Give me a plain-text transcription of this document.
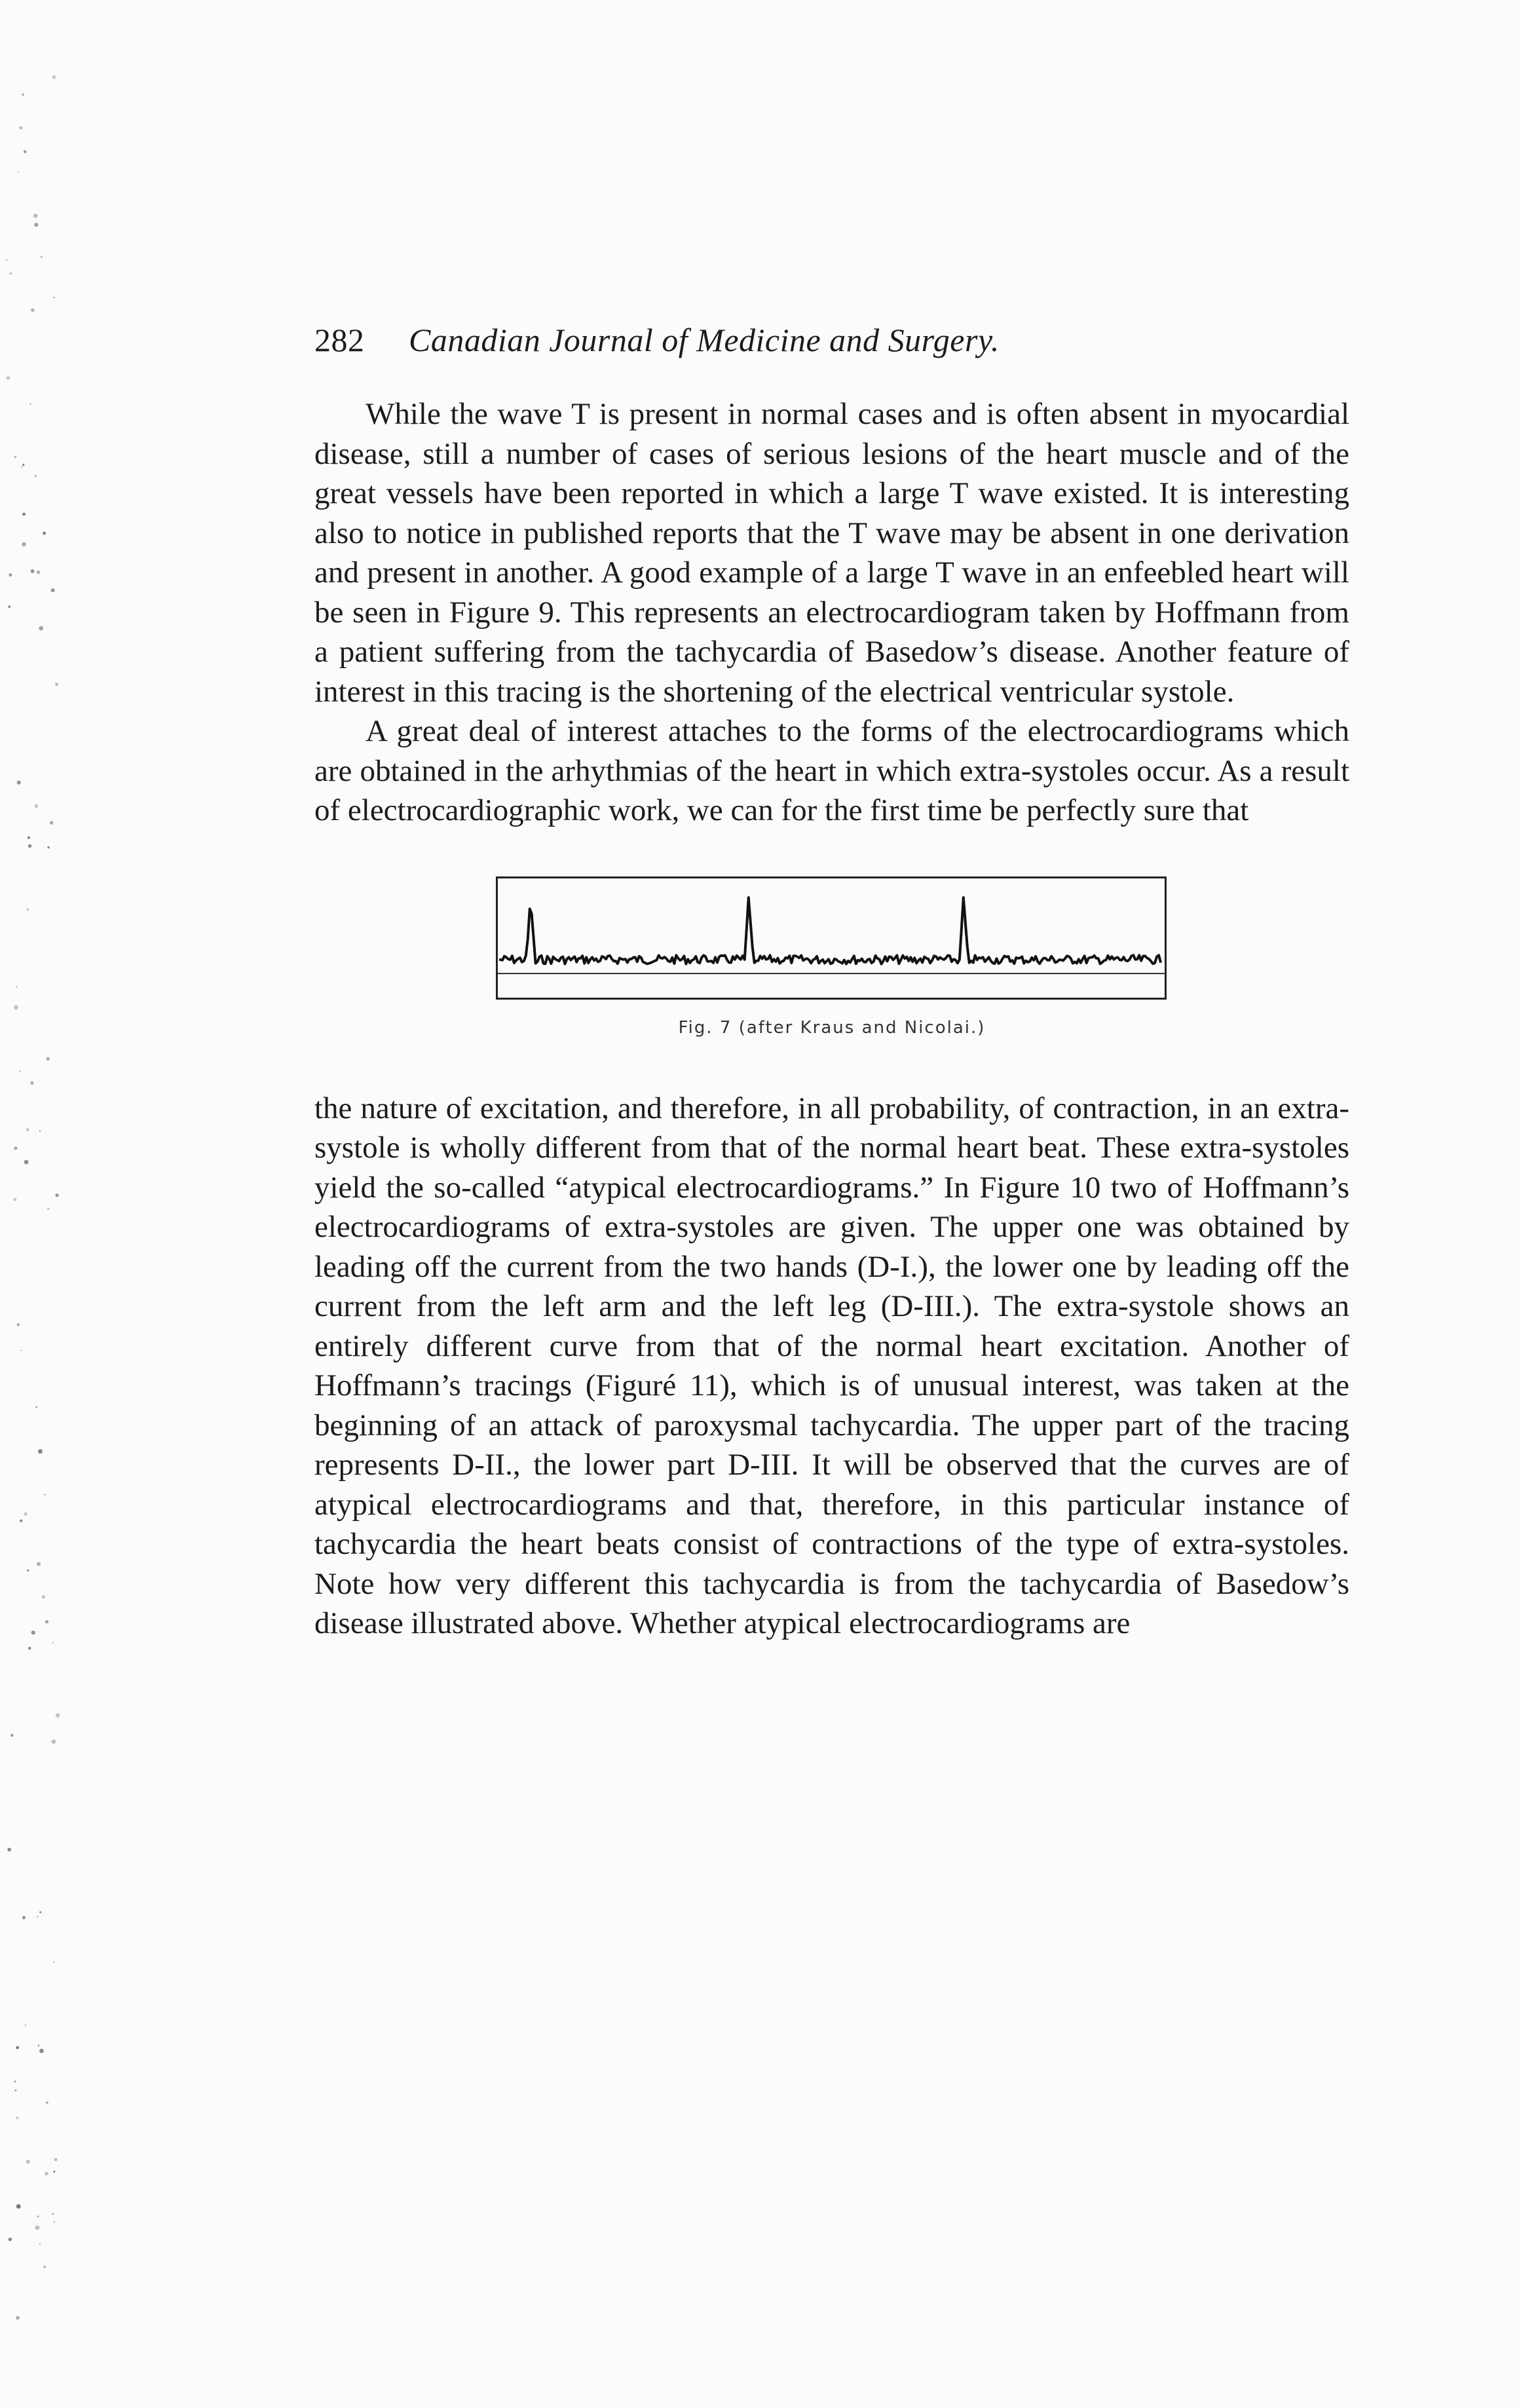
282	Canadian Journal of Medicine and Surgery.

While the wave T is present in normal cases and is often absent in myocardial disease, still a number of cases of serious lesions of the heart muscle and of the great vessels have been reported in which a large T wave existed. It is interesting also to notice in published reports that the T wave may be absent in one derivation and present in another. A good example of a large T wave in an enfeebled heart will be seen in Figure 9. This represents an electrocardiogram taken by Hoffmann from a patient suffering from the tachycardia of Basedow’s disease. Another feature of interest in this tracing is the shortening of the electrical ventricular systole.

A great deal of interest attaches to the forms of the electrocardiograms which are obtained in the arhythmias of the heart in which extra-systoles occur. As a result of electrocardiographic work, we can for the first time be perfectly sure that

Fig. 7 (after Kraus and Nicolai.)

the nature of excitation, and therefore, in all probability, of contraction, in an extra-systole is wholly different from that of the normal heart beat. These extra-systoles yield the so-called “atypical electrocardiograms.” In Figure 10 two of Hoffmann’s electrocardiograms of extra-systoles are given. The upper one was obtained by leading off the current from the two hands (D-I.), the lower one by leading off the current from the left arm and the left leg (D-III.). The extra-systole shows an entirely different curve from that of the normal heart excitation. Another of Hoffmann’s tracings (Figuré 11), which is of unusual interest, was taken at the beginning of an attack of paroxysmal tachycardia. The upper part of the tracing represents D-II., the lower part D-III. It will be observed that the curves are of atypical electrocardiograms and that, therefore, in this particular instance of tachycardia the heart beats consist of contractions of the type of extra-systoles. Note how very different this tachycardia is from the tachycardia of Basedow’s disease illustrated above. Whether atypical electrocardiograms are
